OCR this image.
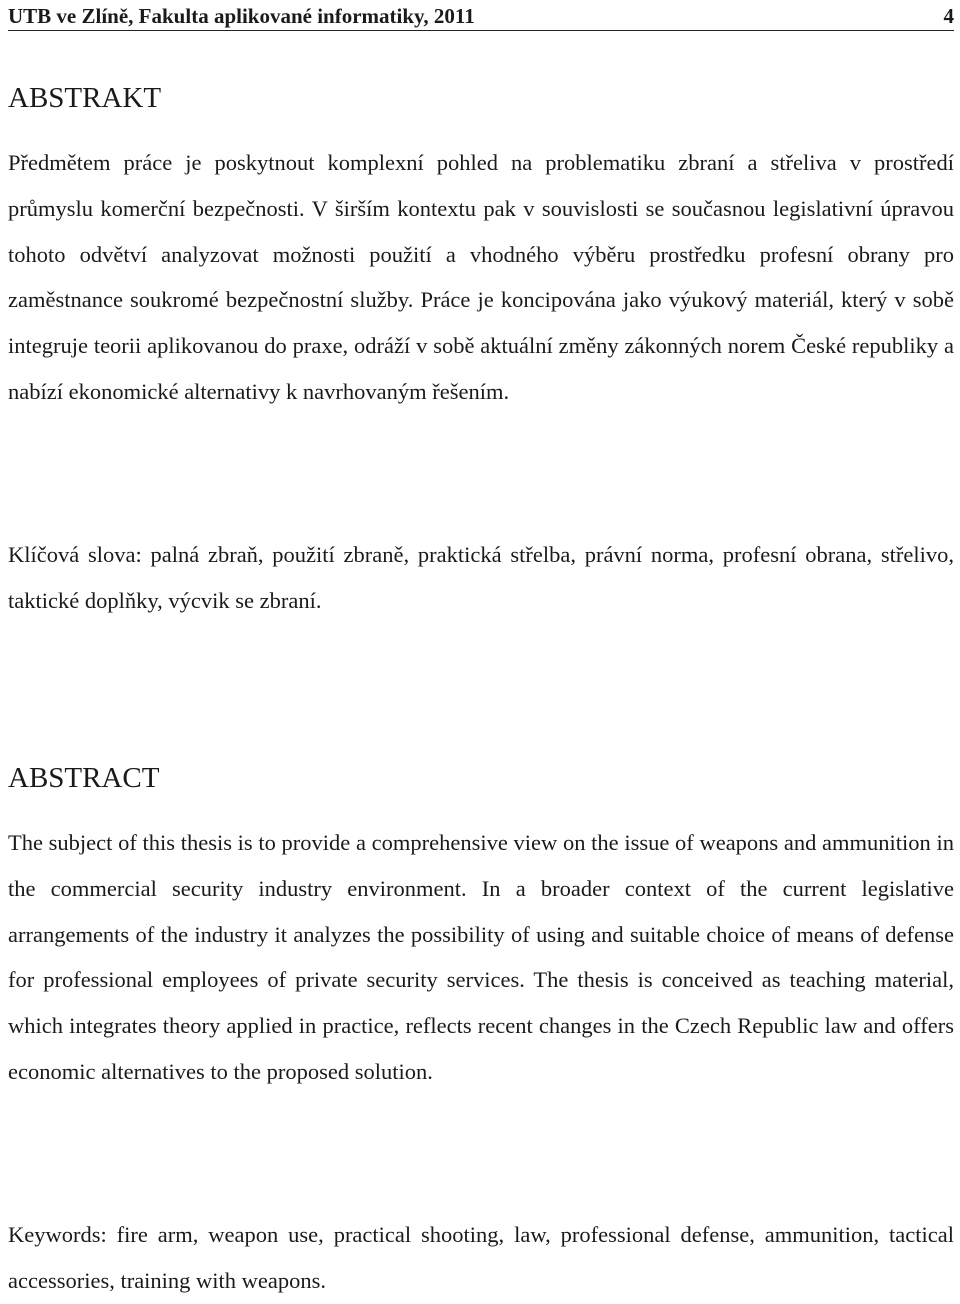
UTB ve Zlíně, Fakulta aplikované informatiky, 2011	4
ABSTRAKT

Předmětem práce je poskytnout komplexní pohled na problematiku zbraní a střeliva v prostředí průmyslu komerční bezpečnosti. V širším kontextu pak v souvislosti se současnou legislativní úpravou tohoto odvětví analyzovat možnosti použití a vhodného výběru prostředku profesní obrany pro zaměstnance soukromé bezpečnostní služby. Práce je koncipována jako výukový materiál, který v sobě integruje teorii aplikovanou do praxe, odráží v sobě aktuální změny zákonných norem České republiky a nabízí ekonomické alternativy k navrhovaným řešením.

Klíčová slova: palná zbraň, použití zbraně, praktická střelba, právní norma, profesní obrana, střelivo, taktické doplňky, výcvik se zbraní.

ABSTRACT

The subject of this thesis is to provide a comprehensive view on the issue of weapons and ammunition in the commercial security industry environment. In a broader context of the current legislative arrangements of the industry it analyzes the possibility of using and suitable choice of means of defense for professional employees of private security services. The thesis is conceived as teaching material, which integrates theory applied in practice, reflects recent changes in the Czech Republic law and offers economic alternatives to the proposed solution.

Keywords: fire arm, weapon use, practical shooting, law, professional defense, ammunition, tactical accessories, training with weapons.
